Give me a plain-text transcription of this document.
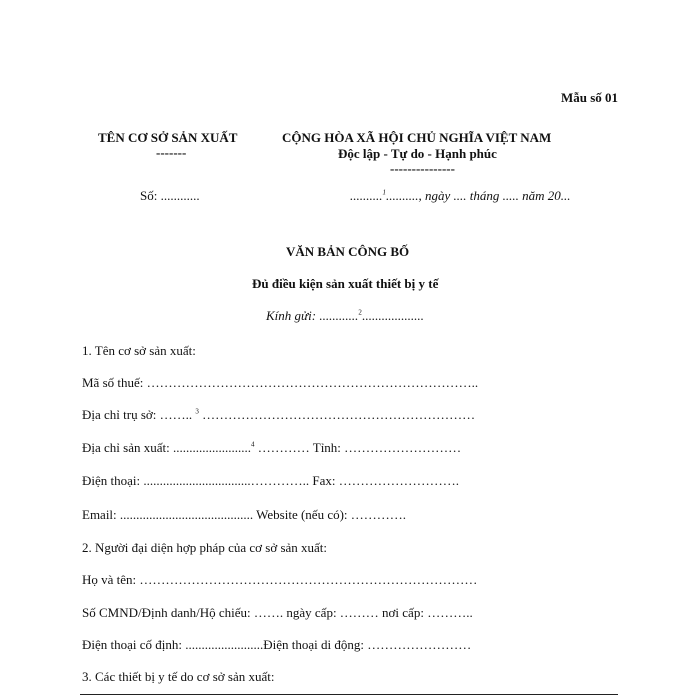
Mẫu số 01
TÊN CƠ SỞ SẢN XUẤT
-------
CỘNG HÒA XÃ HỘI CHỦ NGHĨA VIỆT NAM
Độc lập - Tự do - Hạnh phúc
---------------
Số: ............	..........$^1$.........., ngày .... tháng ..... năm 20...
VĂN BẢN CÔNG BỐ
Đủ điều kiện sản xuất thiết bị y tế
Kính gửi: ............$^2$...................
1. Tên cơ sở sản xuất:
Mã số thuế: …………………………………………………………………..
Địa chỉ trụ sở: …….. $^3$ ………………………………………………………
Địa chỉ sản xuất: ........................$^4$ ………… Tỉnh: ………………………
Điện thoại: .................................………….. Fax: ……………………….
Email: ......................................... Website (nếu có): ………….
2. Người đại diện hợp pháp của cơ sở sản xuất:
Họ và tên: ……………………………………………………………………
Số CMND/Định danh/Hộ chiếu: ……. ngày cấp: ……… nơi cấp: ………..
Điện thoại cố định: ........................Điện thoại di động: ……………………
3. Các thiết bị y tế do cơ sở sản xuất:
